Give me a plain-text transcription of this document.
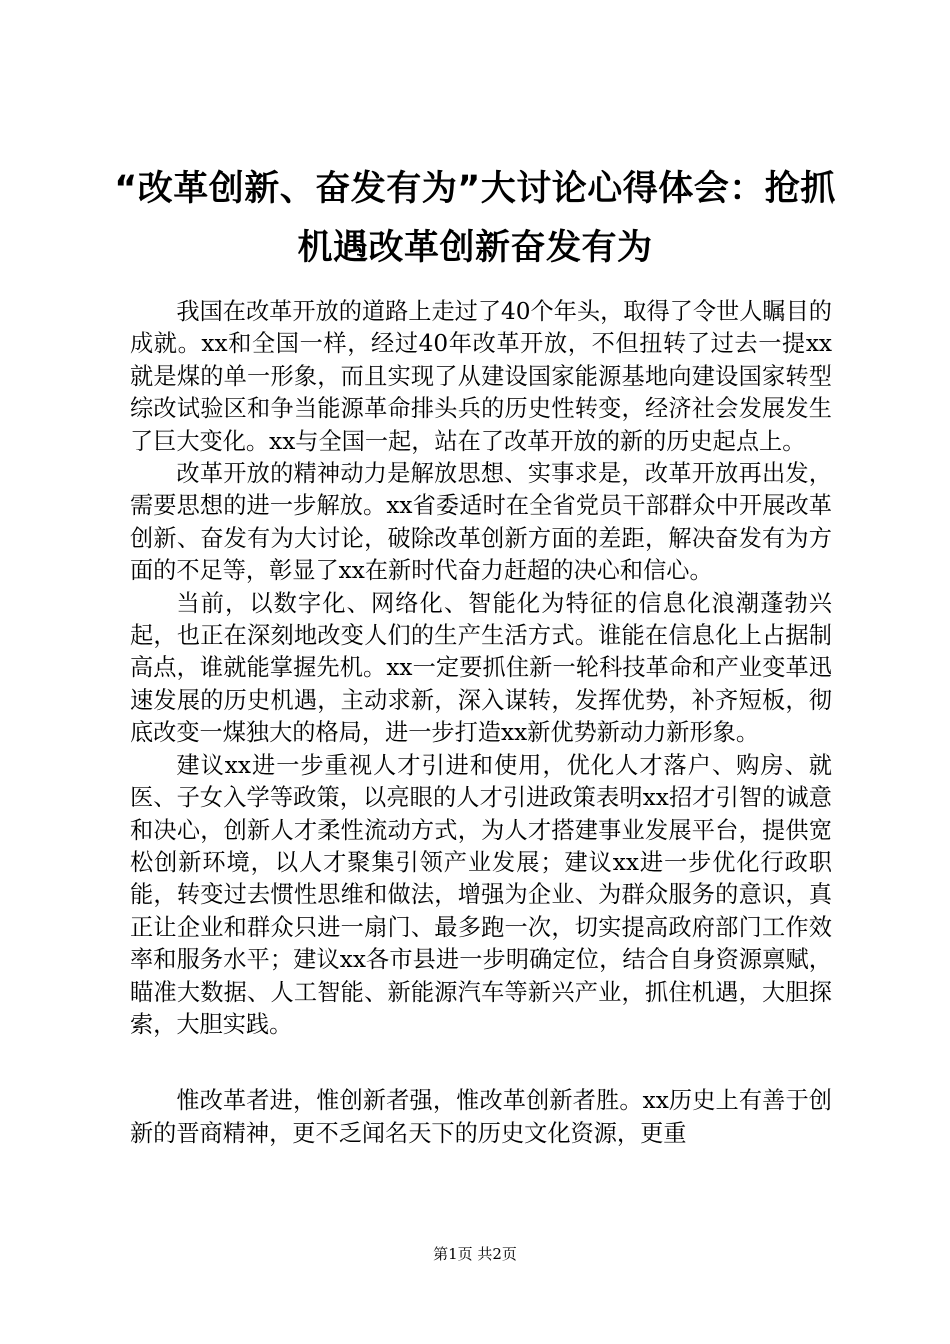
“改革创新、奋发有为”大讨论心得体会：抢抓机遇改革创新奋发有为

我国在改革开放的道路上走过了40个年头，取得了令世人瞩目的成就。xx和全国一样，经过40年改革开放，不但扭转了过去一提xx就是煤的单一形象，而且实现了从建设国家能源基地向建设国家转型综改试验区和争当能源革命排头兵的历史性转变，经济社会发展发生了巨大变化。xx与全国一起，站在了改革开放的新的历史起点上。

改革开放的精神动力是解放思想、实事求是，改革开放再出发，需要思想的进一步解放。xx省委适时在全省党员干部群众中开展改革创新、奋发有为大讨论，破除改革创新方面的差距，解决奋发有为方面的不足等，彰显了xx在新时代奋力赶超的决心和信心。

当前，以数字化、网络化、智能化为特征的信息化浪潮蓬勃兴起，也正在深刻地改变人们的生产生活方式。谁能在信息化上占据制高点，谁就能掌握先机。xx一定要抓住新一轮科技革命和产业变革迅速发展的历史机遇，主动求新，深入谋转，发挥优势，补齐短板，彻底改变一煤独大的格局，进一步打造xx新优势新动力新形象。

建议xx进一步重视人才引进和使用，优化人才落户、购房、就医、子女入学等政策，以亮眼的人才引进政策表明xx招才引智的诚意和决心，创新人才柔性流动方式，为人才搭建事业发展平台，提供宽松创新环境，以人才聚集引领产业发展；建议xx进一步优化行政职能，转变过去惯性思维和做法，增强为企业、为群众服务的意识，真正让企业和群众只进一扇门、最多跑一次，切实提高政府部门工作效率和服务水平；建议xx各市县进一步明确定位，结合自身资源禀赋，瞄准大数据、人工智能、新能源汽车等新兴产业，抓住机遇，大胆探索，大胆实践。

惟改革者进，惟创新者强，惟改革创新者胜。xx历史上有善于创新的晋商精神，更不乏闻名天下的历史文化资源，更重

第1页 共2页
